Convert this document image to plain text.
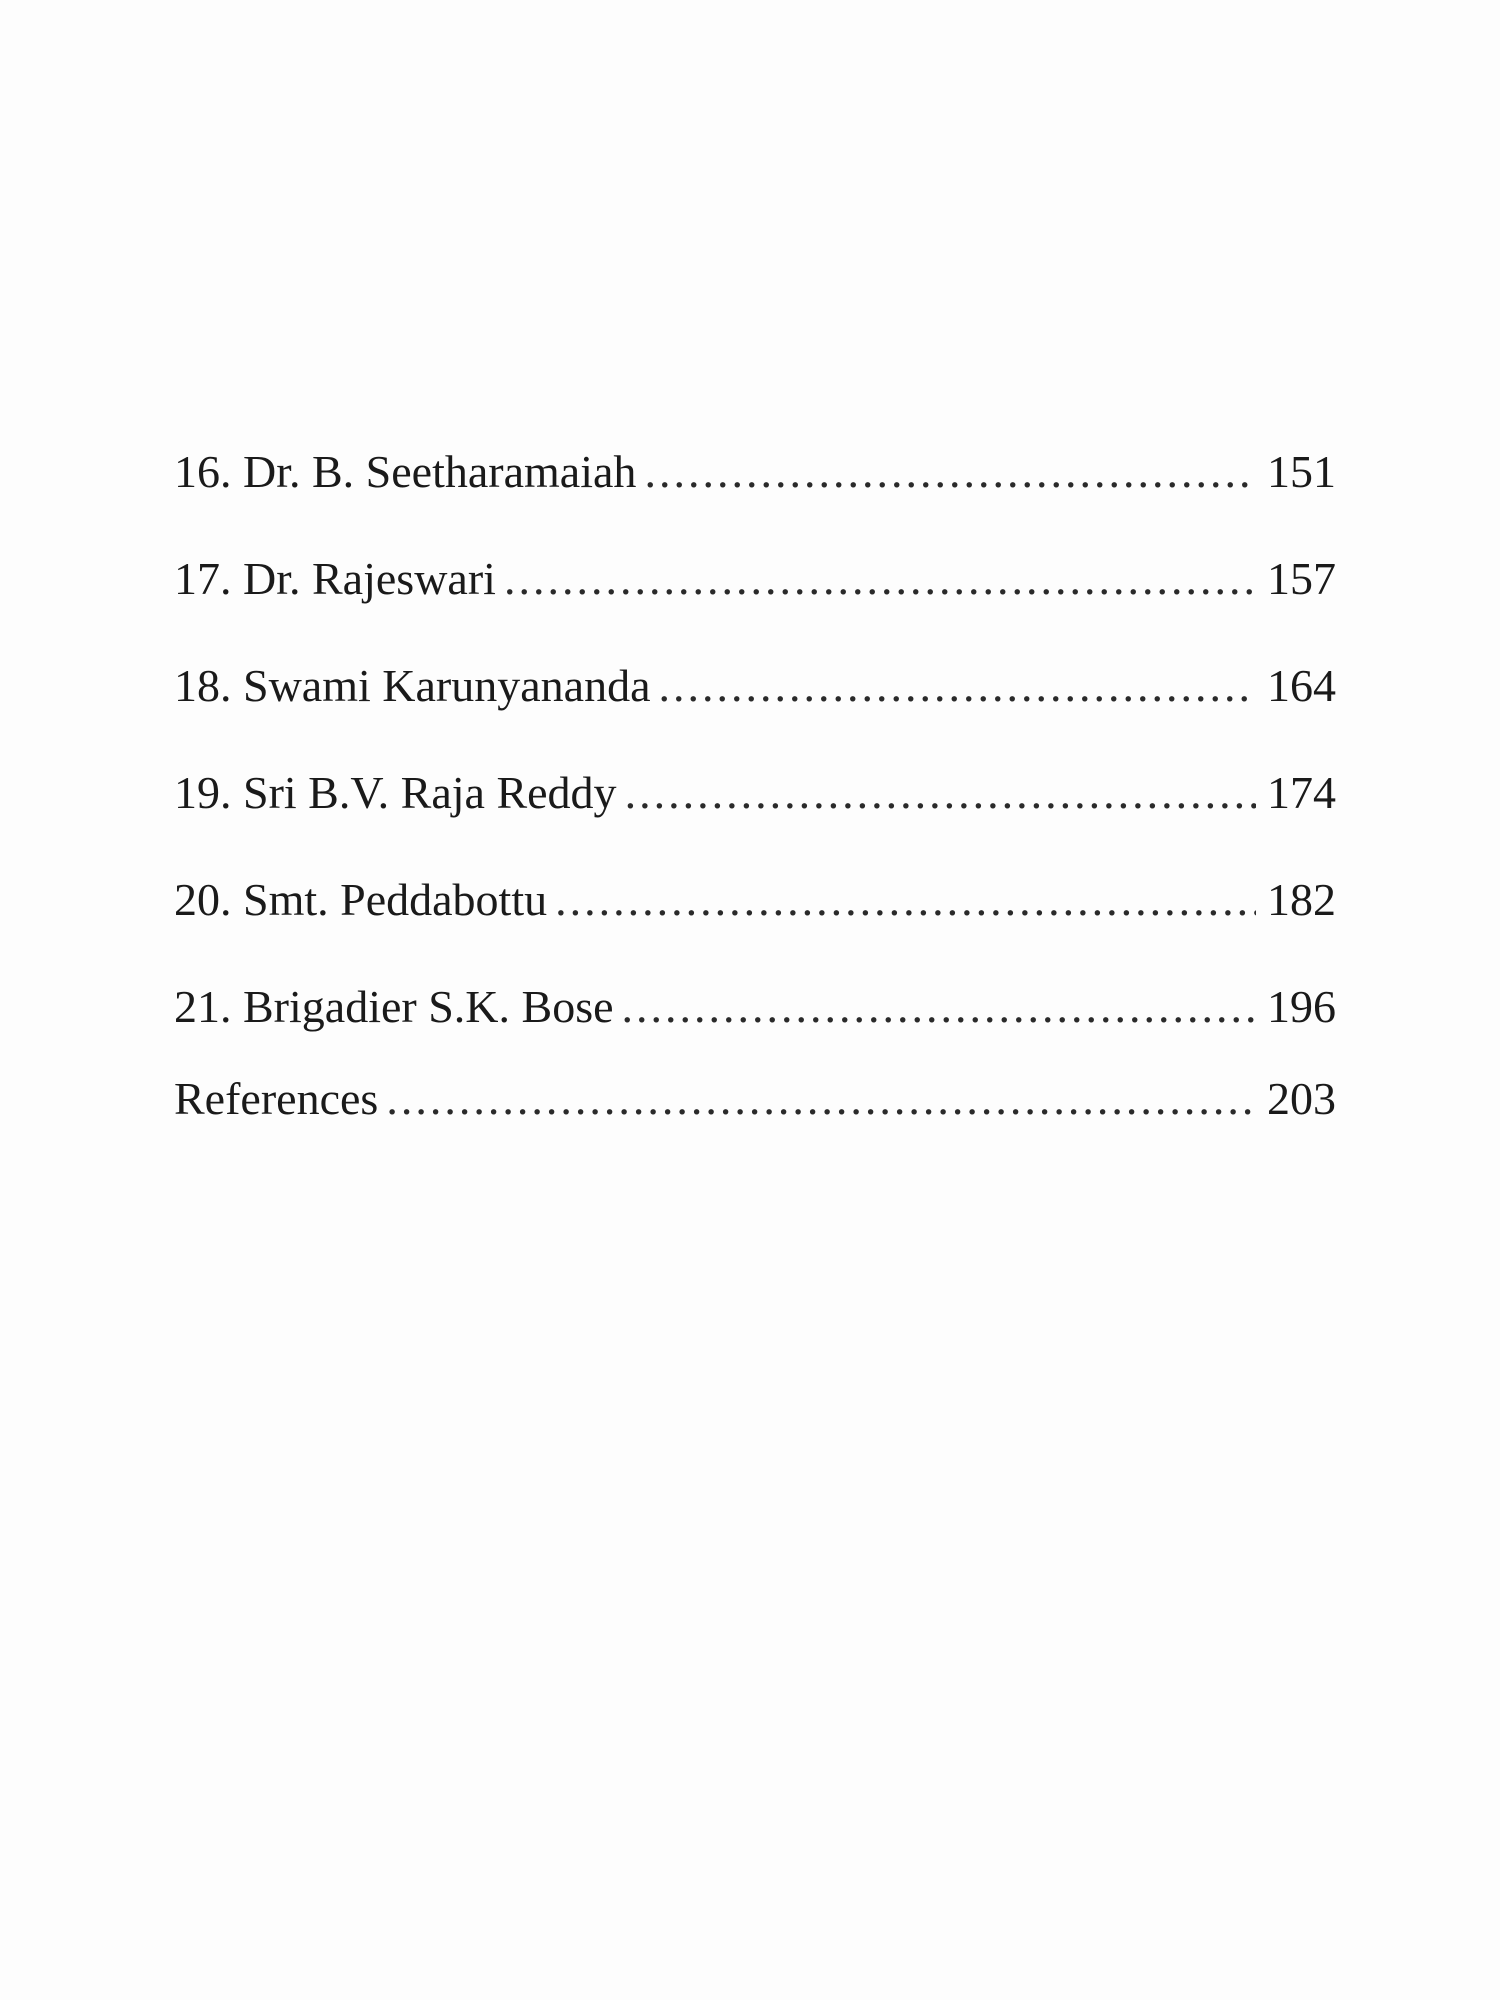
16. Dr. B. Seetharamaiah .....	151
17. Dr. Rajeswari .....	157
18. Swami Karunyananda .....	164
19. Sri B.V. Raja Reddy .....	174
20. Smt. Peddabottu .....	182
21. Brigadier S.K. Bose .....	196
References .....	203
